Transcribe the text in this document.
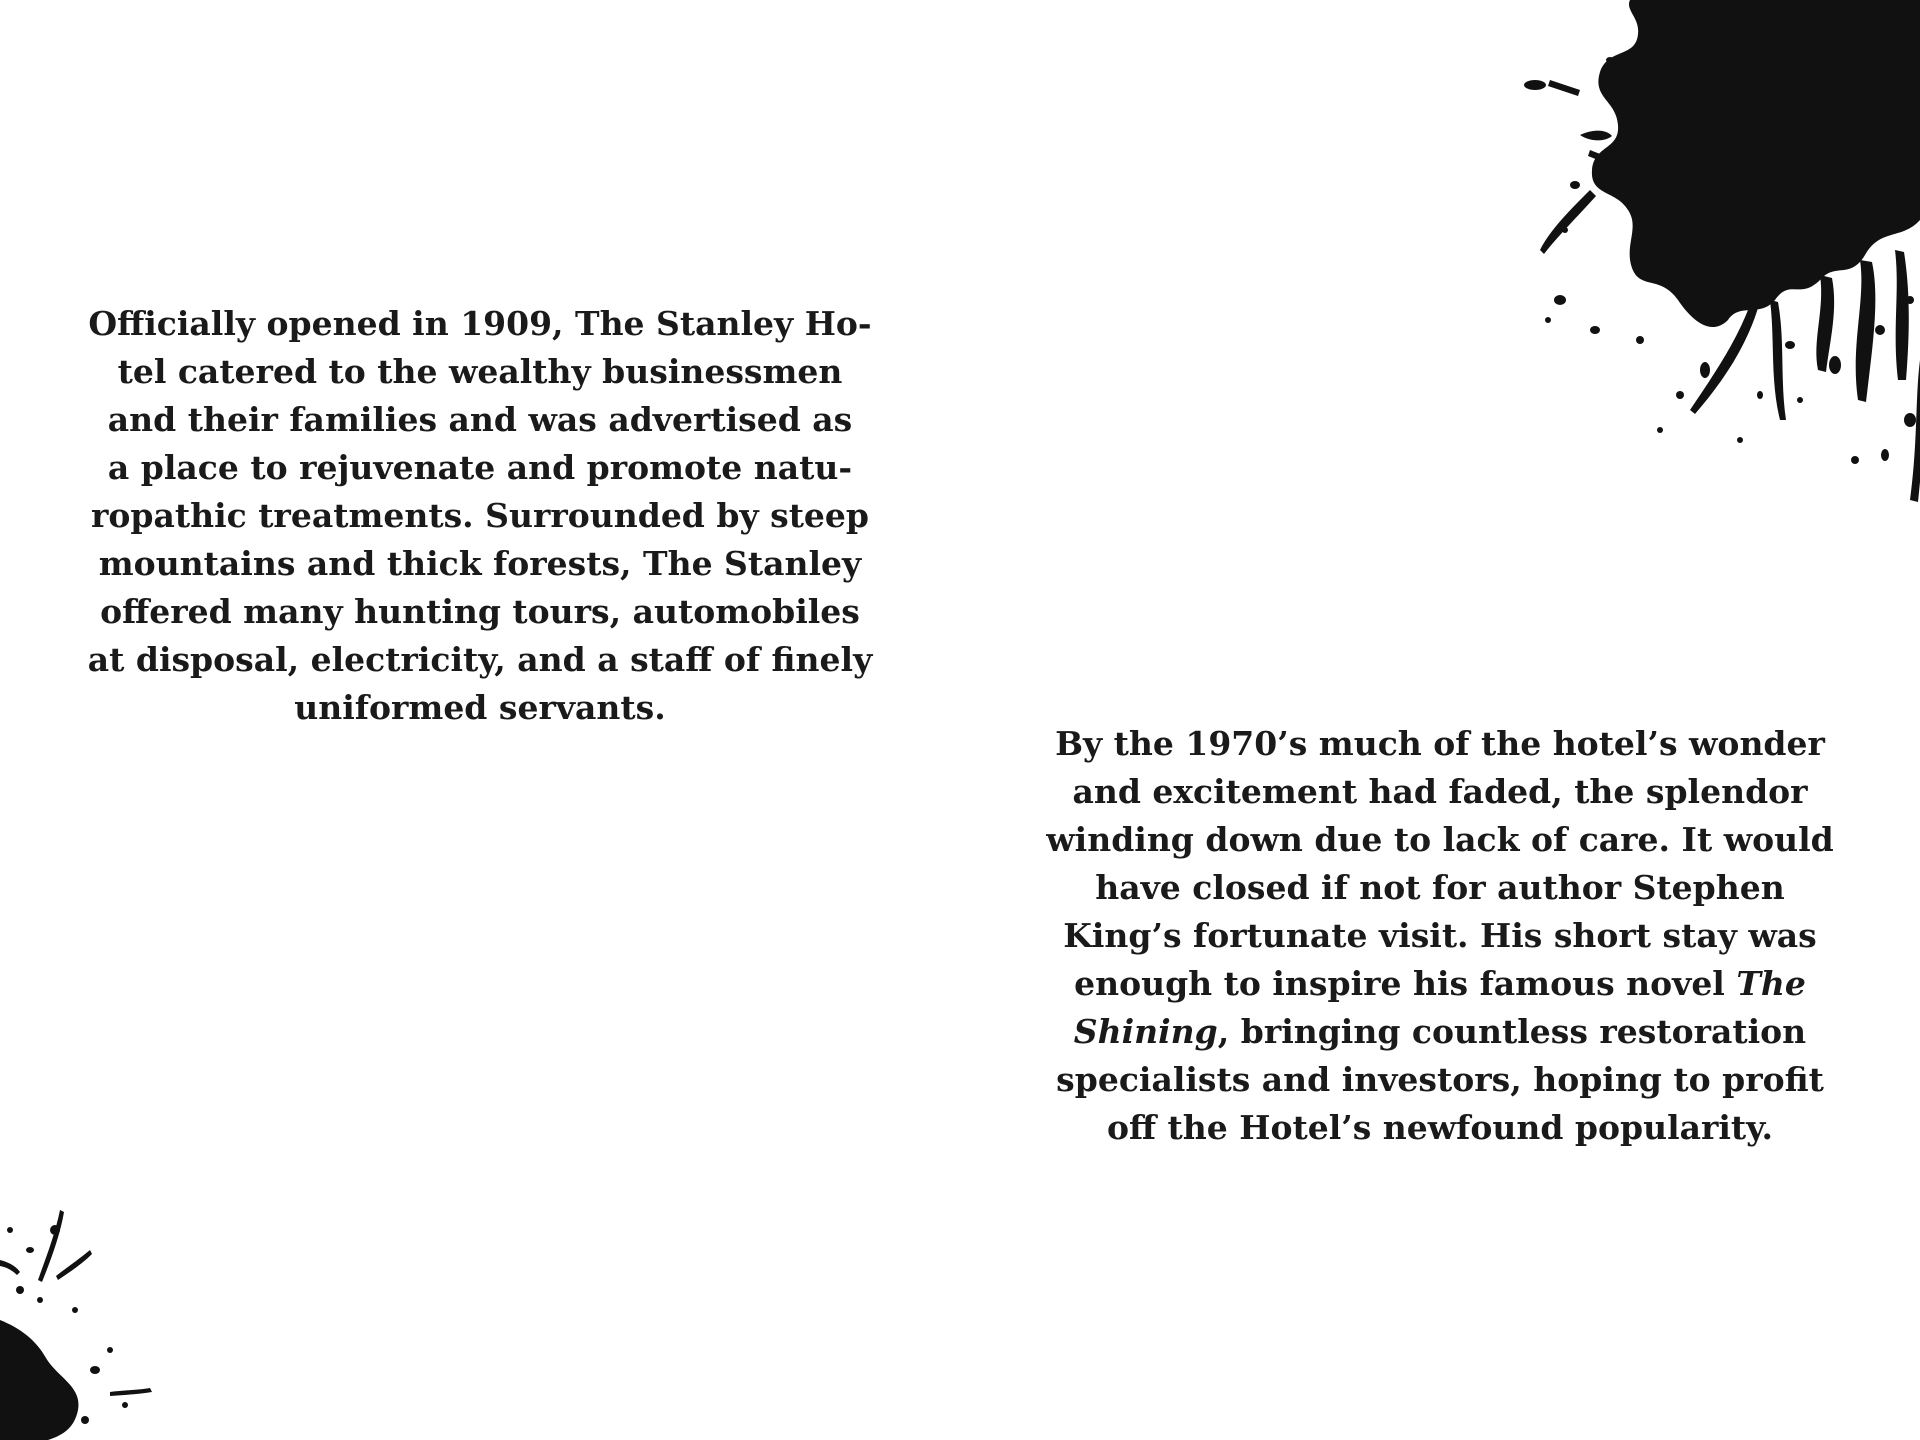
Officially opened in 1909, The Stanley Ho-
tel catered to the wealthy businessmen
and their families and was advertised as
a place to rejuvenate and promote natu-
ropathic treatments. Surrounded by steep
mountains and thick forests, The Stanley
offered many hunting tours, automobiles
at disposal, electricity, and a staff of finely
uniformed servants.
By the 1970’s much of the hotel’s wonder
and excitement had faded, the splendor
winding down due to lack of care. It would
have closed if not for author Stephen
King’s fortunate visit. His short stay was
enough to inspire his famous novel The
Shining, bringing countless restoration
specialists and investors, hoping to profit
off the Hotel’s newfound popularity.
